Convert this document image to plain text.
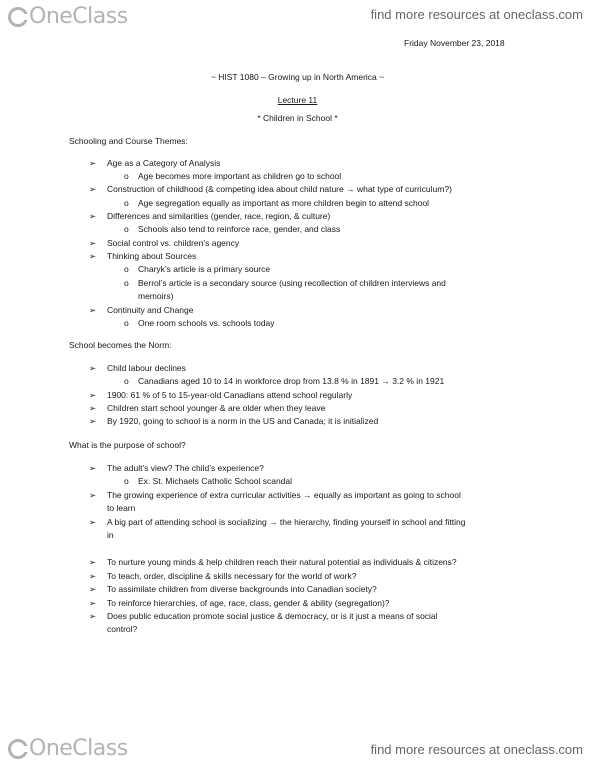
OneClass	find more resources at oneclass.com
Friday November 23, 2018
~ HIST 1080 – Growing up in North America ~
Lecture 11
* Children in School *
Schooling and Course Themes:
➢ Age as a Category of Analysis
o Age becomes more important as children go to school
➢ Construction of childhood (& competing idea about child nature → what type of curriculum?)
o Age segregation equally as important as more children begin to attend school
➢ Differences and similarities (gender, race, region, & culture)
o Schools also tend to reinforce race, gender, and class
➢ Social control vs. children’s agency
➢ Thinking about Sources
o Charyk’s article is a primary source
o Berrol’s article is a secondary source (using recollection of children interviews and
memoirs)
➢ Continuity and Change
o One room schools vs. schools today
School becomes the Norm:
➢ Child labour declines
o Canadians aged 10 to 14 in workforce drop from 13.8 % in 1891 → 3.2 % in 1921
➢ 1900: 61 % of 5 to 15-year-old Canadians attend school regularly
➢ Children start school younger & are older when they leave
➢ By 1920, going to school is a norm in the US and Canada; it is initialized
What is the purpose of school?
➢ The adult’s view? The child’s experience?
o Ex. St. Michaels Catholic School scandal
➢ The growing experience of extra curricular activities → equally as important as going to school
to learn
➢ A big part of attending school is socializing → the hierarchy, finding yourself in school and fitting
in
➢ To nurture young minds & help children reach their natural potential as individuals & citizens?
➢ To teach, order, discipline & skills necessary for the world of work?
➢ To assimilate children from diverse backgrounds into Canadian society?
➢ To reinforce hierarchies, of age, race, class, gender & ability (segregation)?
➢ Does public education promote social justice & democracy, or is it just a means of social
control?
OneClass	find more resources at oneclass.com
